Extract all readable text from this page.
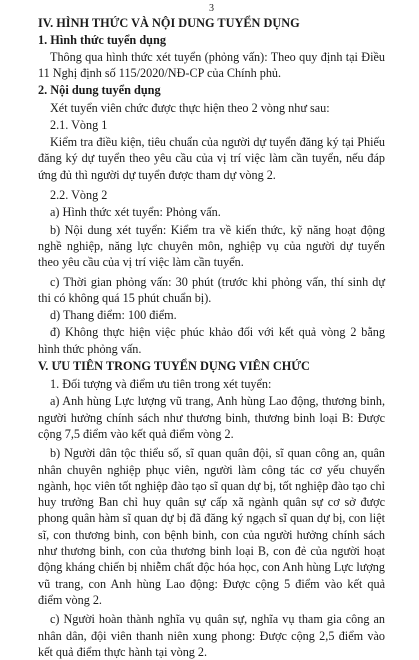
3
IV. HÌNH THỨC VÀ NỘI DUNG TUYỂN DỤNG
1. Hình thức tuyển dụng

Thông qua hình thức xét tuyển (phỏng vấn): Theo quy định tại Điều 11 Nghị định số 115/2020/NĐ-CP của Chính phủ.

2. Nội dung tuyển dụng

Xét tuyển viên chức được thực hiện theo 2 vòng như sau:

2.1. Vòng 1

Kiểm tra điều kiện, tiêu chuẩn của người dự tuyển đăng ký tại Phiếu đăng ký dự tuyển theo yêu cầu của vị trí việc làm cần tuyển, nếu đáp ứng đủ thì người dự tuyển được tham dự vòng 2.

2.2. Vòng 2

a) Hình thức xét tuyển: Phỏng vấn.

b) Nội dung xét tuyển: Kiểm tra về kiến thức, kỹ năng hoạt động nghề nghiệp, năng lực chuyên môn, nghiệp vụ của người dự tuyển theo yêu cầu của vị trí việc làm cần tuyển.

c) Thời gian phỏng vấn: 30 phút (trước khi phỏng vấn, thí sinh dự thi có không quá 15 phút chuẩn bị).

d) Thang điểm: 100 điểm.

đ) Không thực hiện việc phúc khảo đối với kết quả vòng 2 bằng hình thức phỏng vấn.

V. ƯU TIÊN TRONG TUYỂN DỤNG VIÊN CHỨC

1. Đối tượng và điểm ưu tiên trong xét tuyển:

a) Anh hùng Lực lượng vũ trang, Anh hùng Lao động, thương binh, người hưởng chính sách như thương binh, thương binh loại B: Được cộng 7,5 điểm vào kết quả điểm vòng 2.

b) Người dân tộc thiểu số, sĩ quan quân đội, sĩ quan công an, quân nhân chuyên nghiệp phục viên, người làm công tác cơ yếu chuyển ngành, học viên tốt nghiệp đào tạo sĩ quan dự bị, tốt nghiệp đào tạo chỉ huy trưởng Ban chỉ huy quân sự cấp xã ngành quân sự cơ sở được phong quân hàm sĩ quan dự bị đã đăng ký ngạch sĩ quan dự bị, con liệt sĩ, con thương binh, con bệnh binh, con của người hưởng chính sách như thương binh, con của thương binh loại B, con đẻ của người hoạt động kháng chiến bị nhiễm chất độc hóa học, con Anh hùng Lực lượng vũ trang, con Anh hùng Lao động: Được cộng 5 điểm vào kết quả điểm vòng 2.

c) Người hoàn thành nghĩa vụ quân sự, nghĩa vụ tham gia công an nhân dân, đội viên thanh niên xung phong: Được cộng 2,5 điểm vào kết quả điểm thực hành tại vòng 2.
